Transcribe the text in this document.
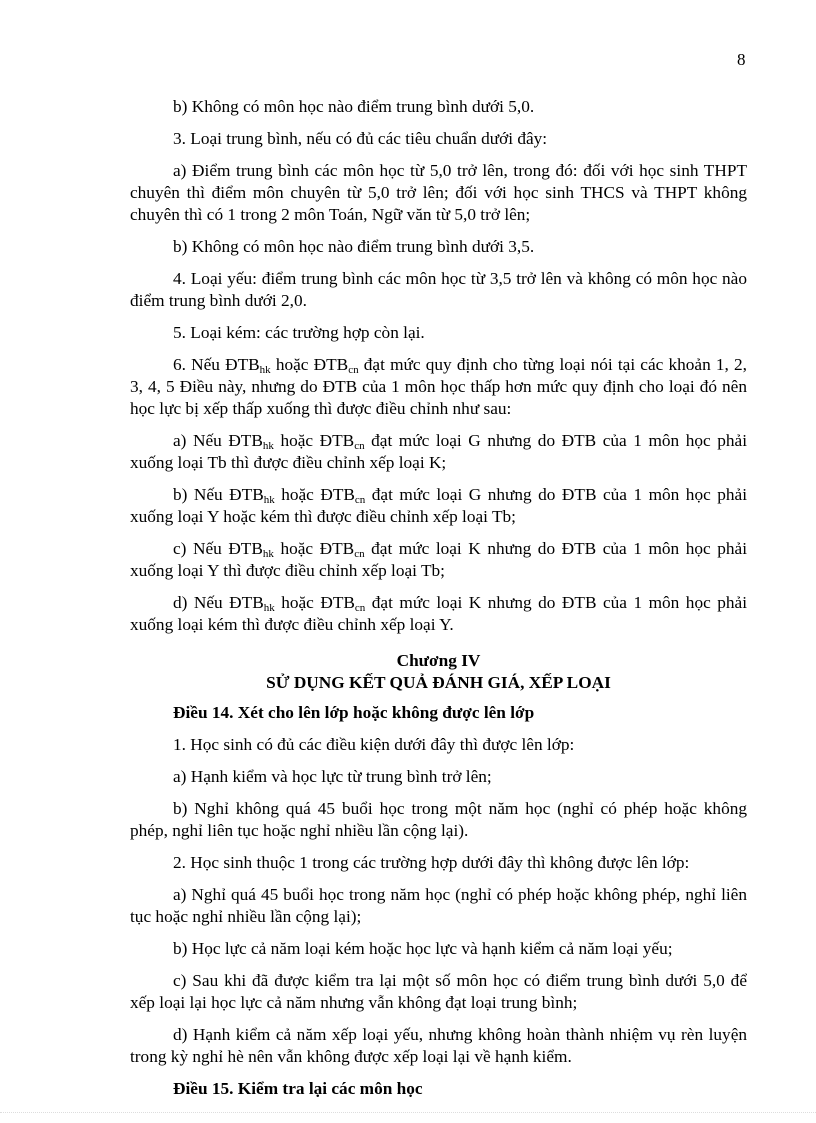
8

b) Không có môn học nào điểm trung bình dưới 5,0.

3. Loại trung bình, nếu có đủ các tiêu chuẩn dưới đây:

a) Điểm trung bình các môn học từ 5,0 trở lên, trong đó: đối với học sinh THPT chuyên thì điểm môn chuyên từ 5,0 trở lên; đối với học sinh THCS và THPT không chuyên thì có 1 trong 2 môn Toán, Ngữ văn từ 5,0 trở lên;

b) Không có môn học nào điểm trung bình dưới 3,5.

4. Loại yếu: điểm trung bình các môn học từ 3,5 trở lên và không có môn học nào điểm trung bình dưới 2,0.

5. Loại kém: các trường hợp còn lại.

6. Nếu $ĐTB_{hk}$ hoặc $ĐTB_{cn}$ đạt mức quy định cho từng loại nói tại các khoản 1, 2, 3, 4, 5 Điều này, nhưng do ĐTB của 1 môn học thấp hơn mức quy định cho loại đó nên học lực bị xếp thấp xuống thì được điều chỉnh như sau:

a) Nếu $ĐTB_{hk}$ hoặc $ĐTB_{cn}$ đạt mức loại G nhưng do ĐTB của 1 môn học phải xuống loại Tb thì được điều chỉnh xếp loại K;

b) Nếu $ĐTB_{hk}$ hoặc $ĐTB_{cn}$ đạt mức loại G nhưng do ĐTB của 1 môn học phải xuống loại Y hoặc kém thì được điều chỉnh xếp loại Tb;

c) Nếu $ĐTB_{hk}$ hoặc $ĐTB_{cn}$ đạt mức loại K nhưng do ĐTB của 1 môn học phải xuống loại Y thì được điều chỉnh xếp loại Tb;

d) Nếu $ĐTB_{hk}$ hoặc $ĐTB_{cn}$ đạt mức loại K nhưng do ĐTB của 1 môn học phải xuống loại kém thì được điều chỉnh xếp loại Y.

Chương IV

SỬ DỤNG KẾT QUẢ ĐÁNH GIÁ, XẾP LOẠI

Điều 14. Xét cho lên lớp hoặc không được lên lớp

1. Học sinh có đủ các điều kiện dưới đây thì được lên lớp:

a) Hạnh kiểm và học lực từ trung bình trở lên;

b) Nghỉ không quá 45 buổi học trong một năm học (nghỉ có phép hoặc không phép, nghỉ liên tục hoặc nghỉ nhiều lần cộng lại).

2. Học sinh thuộc 1 trong các trường hợp dưới đây thì không được lên lớp:

a) Nghỉ quá 45 buổi học trong năm học (nghỉ có phép hoặc không phép, nghỉ liên tục hoặc nghỉ nhiều lần cộng lại);

b) Học lực cả năm loại kém hoặc học lực và hạnh kiểm cả năm loại yếu;

c) Sau khi đã được kiểm tra lại một số môn học có điểm trung bình dưới 5,0 để xếp loại lại học lực cả năm nhưng vẫn không đạt loại trung bình;

d) Hạnh kiểm cả năm xếp loại yếu, nhưng không hoàn thành nhiệm vụ rèn luyện trong kỳ nghỉ hè nên vẫn không được xếp loại lại về hạnh kiểm.

Điều 15. Kiểm tra lại các môn học
